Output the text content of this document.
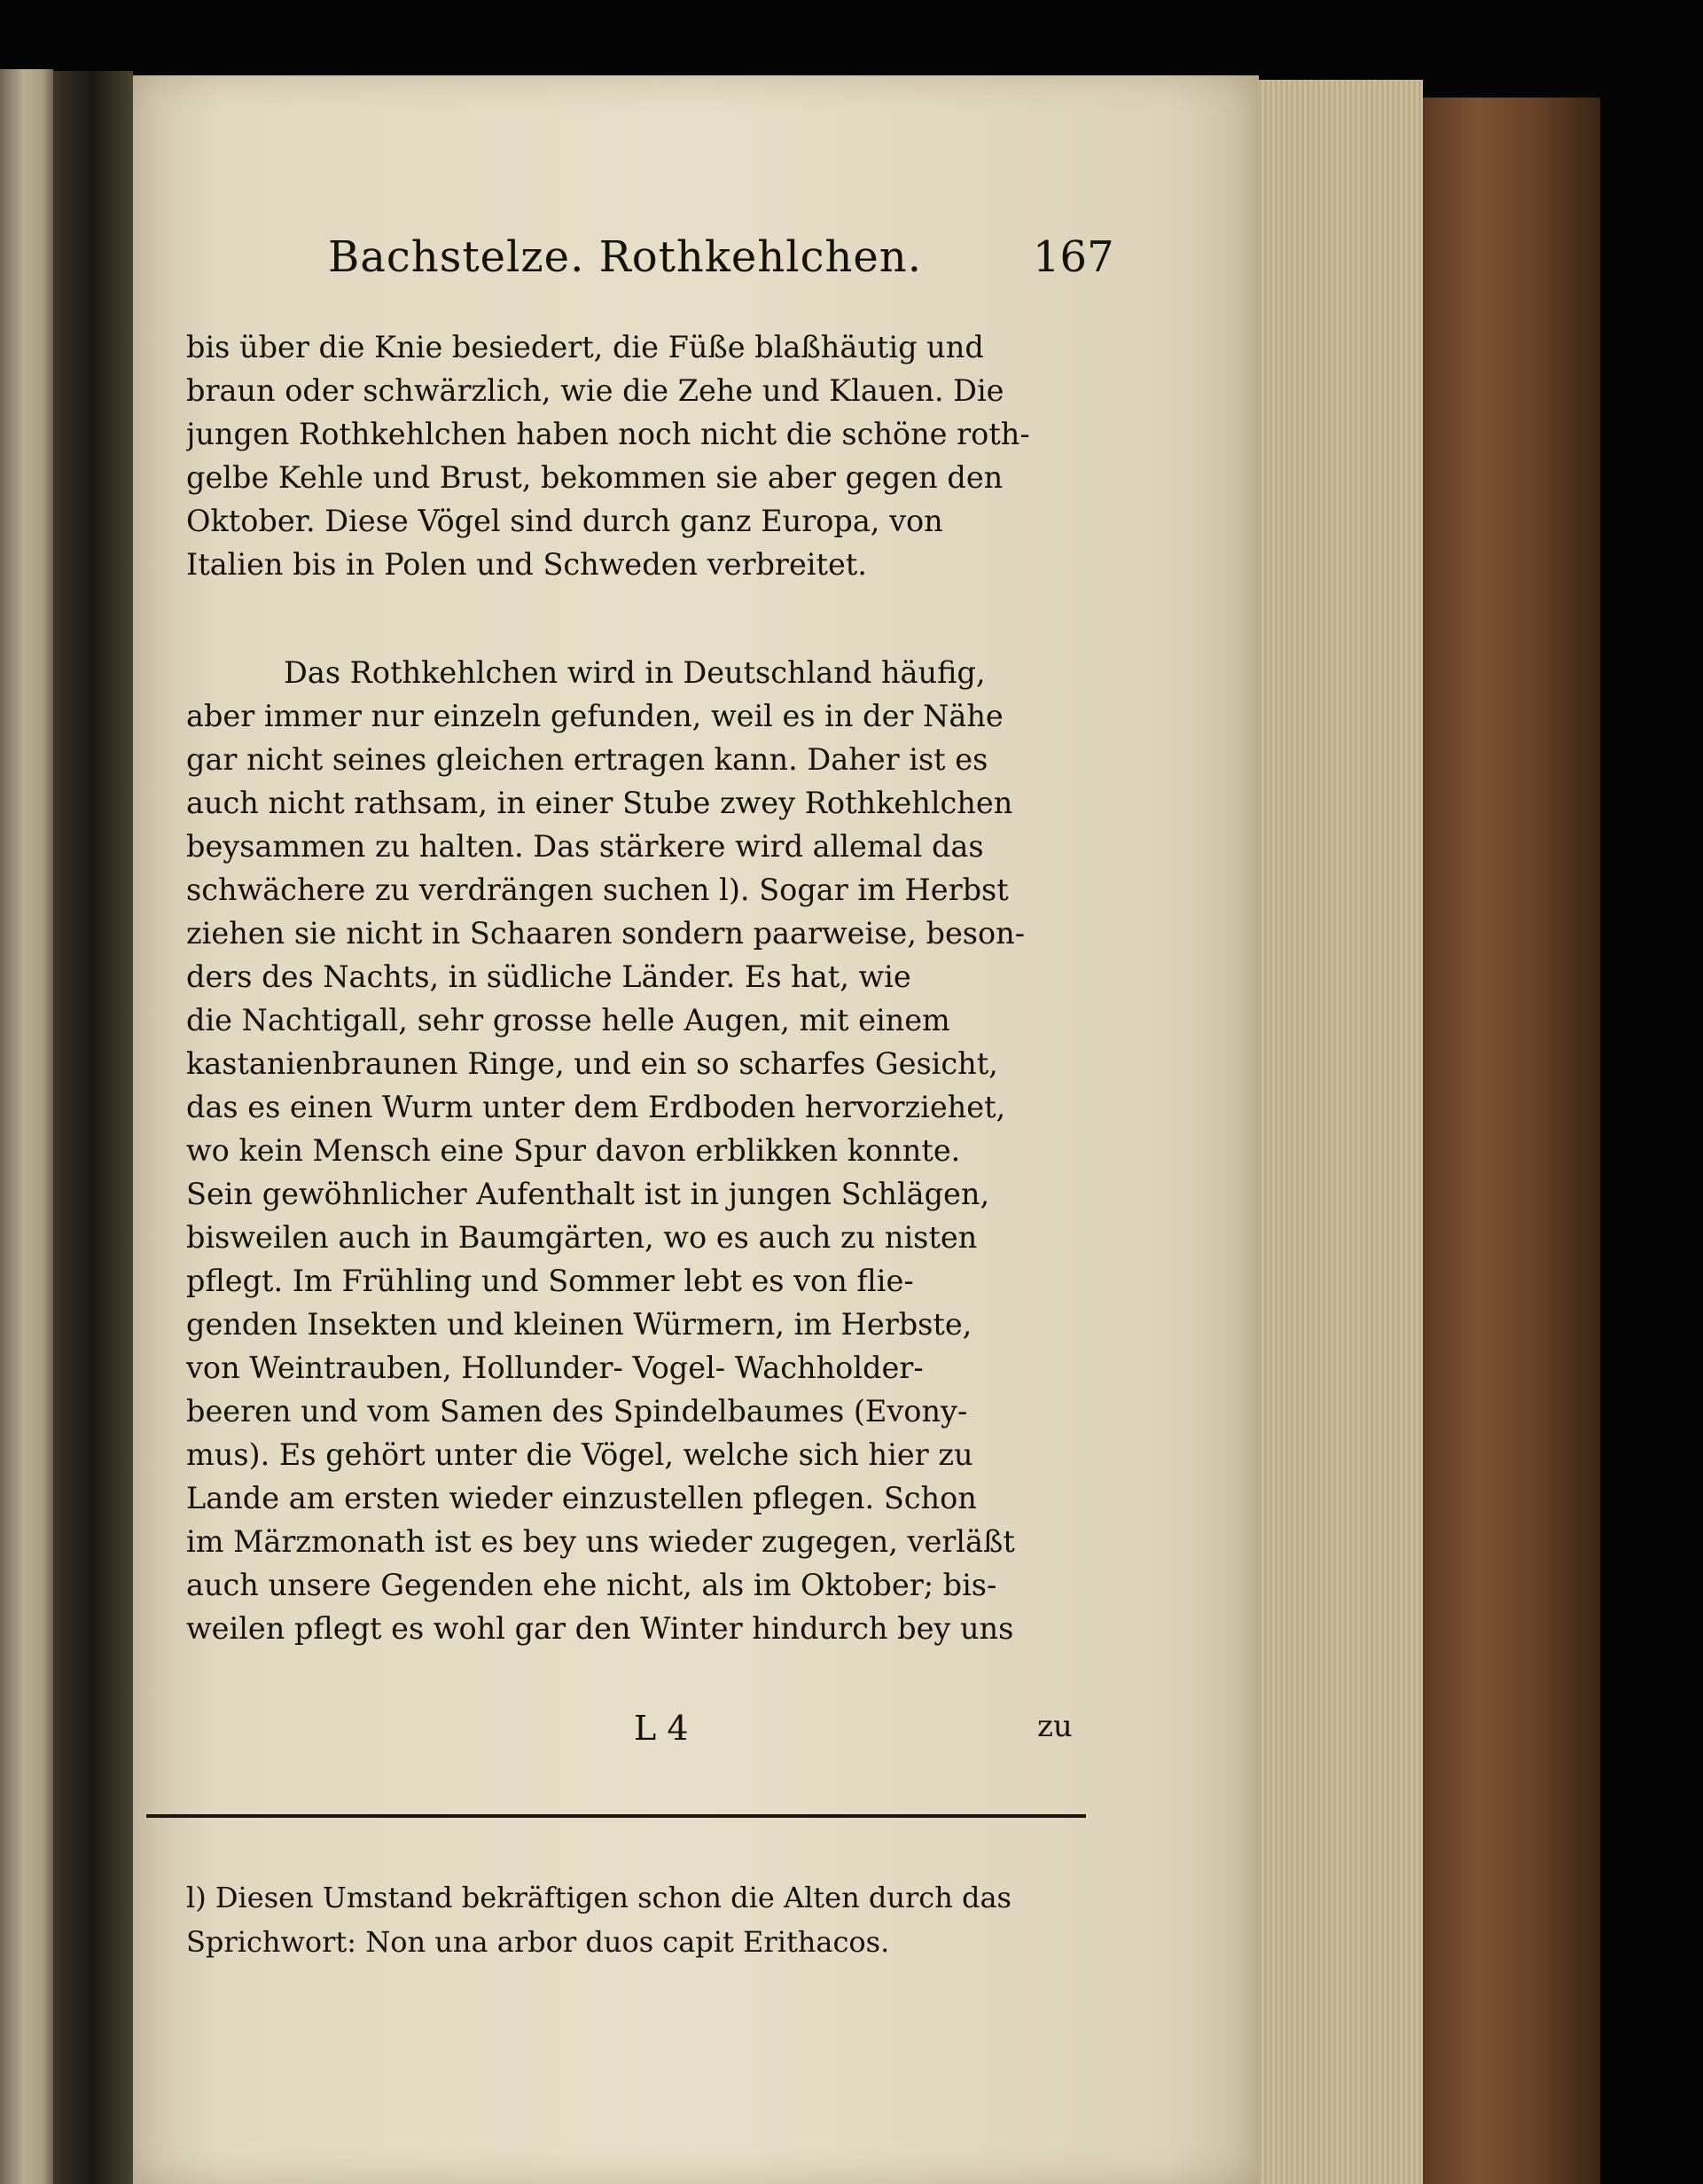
Bachstelze. Rothkehlchen.	167
bis über die Knie besiedert, die Füße blaßhäutig und
braun oder schwärzlich, wie die Zehe und Klauen. Die
jungen Rothkehlchen haben noch nicht die schöne roth-
gelbe Kehle und Brust, bekommen sie aber gegen den
Oktober. Diese Vögel sind durch ganz Europa, von
Italien bis in Polen und Schweden verbreitet.
Das Rothkehlchen wird in Deutschland häufig,
aber immer nur einzeln gefunden, weil es in der Nähe
gar nicht seines gleichen ertragen kann. Daher ist es
auch nicht rathsam, in einer Stube zwey Rothkehlchen
beysammen zu halten. Das stärkere wird allemal das
schwächere zu verdrängen suchen l). Sogar im Herbst
ziehen sie nicht in Schaaren sondern paarweise, beson-
ders des Nachts, in südliche Länder. Es hat, wie
die Nachtigall, sehr grosse helle Augen, mit einem
kastanienbraunen Ringe, und ein so scharfes Gesicht,
das es einen Wurm unter dem Erdboden hervorziehet,
wo kein Mensch eine Spur davon erblikken konnte.
Sein gewöhnlicher Aufenthalt ist in jungen Schlägen,
bisweilen auch in Baumgärten, wo es auch zu nisten
pflegt. Im Frühling und Sommer lebt es von flie-
genden Insekten und kleinen Würmern, im Herbste,
von Weintrauben, Hollunder- Vogel- Wachholder-
beeren und vom Samen des Spindelbaumes (Evony-
mus). Es gehört unter die Vögel, welche sich hier zu
Lande am ersten wieder einzustellen pflegen. Schon
im Märzmonath ist es bey uns wieder zugegen, verläßt
auch unsere Gegenden ehe nicht, als im Oktober; bis-
weilen pflegt es wohl gar den Winter hindurch bey uns
L 4	zu
l) Diesen Umstand bekräftigen schon die Alten durch das
Sprichwort: Non una arbor duos capit Erithacos.
